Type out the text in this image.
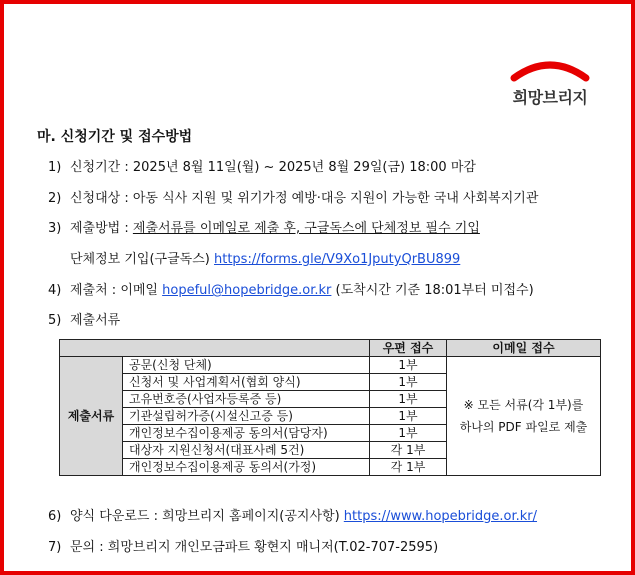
희망브리지
마. 신청기간 및 접수방법
1) 신청기간 : 2025년 8월 11일(월) ~ 2025년 8월 29일(금) 18:00 마감
2) 신청대상 : 아동 식사 지원 및 위기가정 예방·대응 지원이 가능한 국내 사회복지기관
3) 제출방법 : 제출서류를 이메일로 제출 후, 구글독스에 단체정보 필수 기입
단체정보 기입(구글독스) https://forms.gle/V9Xo1JputyQrBU899
4) 제출처 : 이메일 hopeful@hopebridge.or.kr (도착시간 기준 18:01부터 미접수)
5) 제출서류
		우편 접수	이메일 접수
제출서류	공문(신청 단체)	1부	※ 모든 서류(각 1부)를
하나의 PDF 파일로 제출

	신청서 및 사업계획서(협회 양식)	1부	
	고유번호증(사업자등록증 등)	1부	
	기관설립허가증(시설신고증 등)	1부	
	개인정보수집이용제공 동의서(담당자)	1부	
	대상자 지원신청서(대표사례 5건)	각 1부	
	개인정보수집이용제공 동의서(가정)	각 1부	
6) 양식 다운로드 : 희망브리지 홈페이지(공지사항) https://www.hopebridge.or.kr/
7) 문의 : 희망브리지 개인모금파트 황현지 매니저(T.02-707-2595)
